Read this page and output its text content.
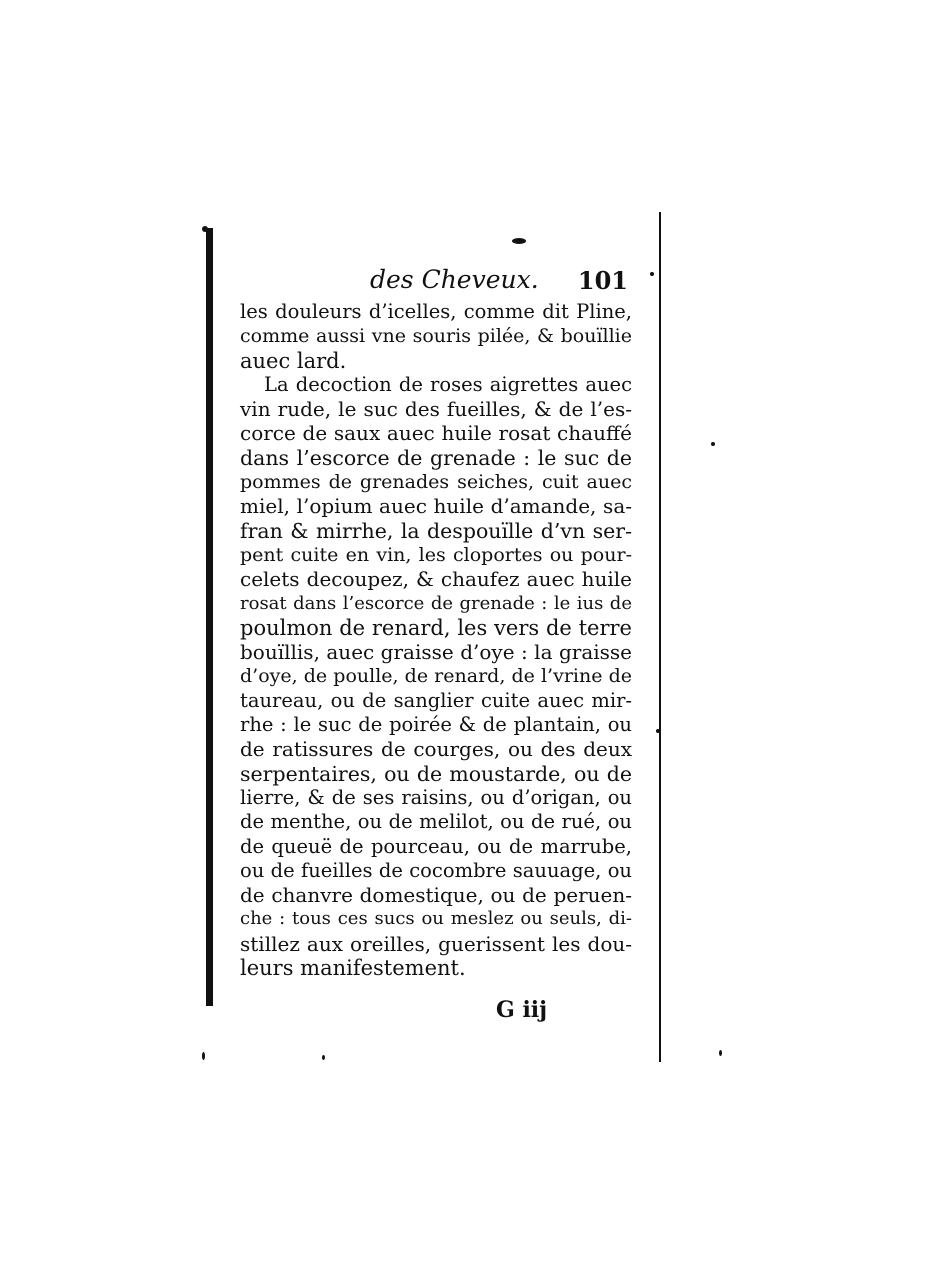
des Cheveux. 101
les douleurs d’icelles, comme dit Pline,
comme aussi vne souris pilée, & bouïllie
auec lard.
La decoction de roses aigrettes auec
vin rude, le suc des fueilles, & de l’es-
corce de saux auec huile rosat chauffé
dans l’escorce de grenade : le suc de
pommes de grenades seiches, cuit auec
miel, l’opium auec huile d’amande, sa-
fran & mirrhe, la despouïlle d’vn ser-
pent cuite en vin, les cloportes ou pour-
celets decoupez, & chaufez auec huile
rosat dans l’escorce de grenade : le ius de
poulmon de renard, les vers de terre
bouïllis, auec graisse d’oye : la graisse
d’oye, de poulle, de renard, de l’vrine de
taureau, ou de sanglier cuite auec mir-
rhe : le suc de poirée & de plantain, ou
de ratissures de courges, ou des deux
serpentaires, ou de moustarde, ou de
lierre, & de ses raisins, ou d’origan, ou
de menthe, ou de melilot, ou de rué, ou
de queuë de pourceau, ou de marrube,
ou de fueilles de cocombre sauuage, ou
de chanvre domestique, ou de peruen-
che : tous ces sucs ou meslez ou seuls, di-
stillez aux oreilles, guerissent les dou-
leurs manifestement.
G iij
